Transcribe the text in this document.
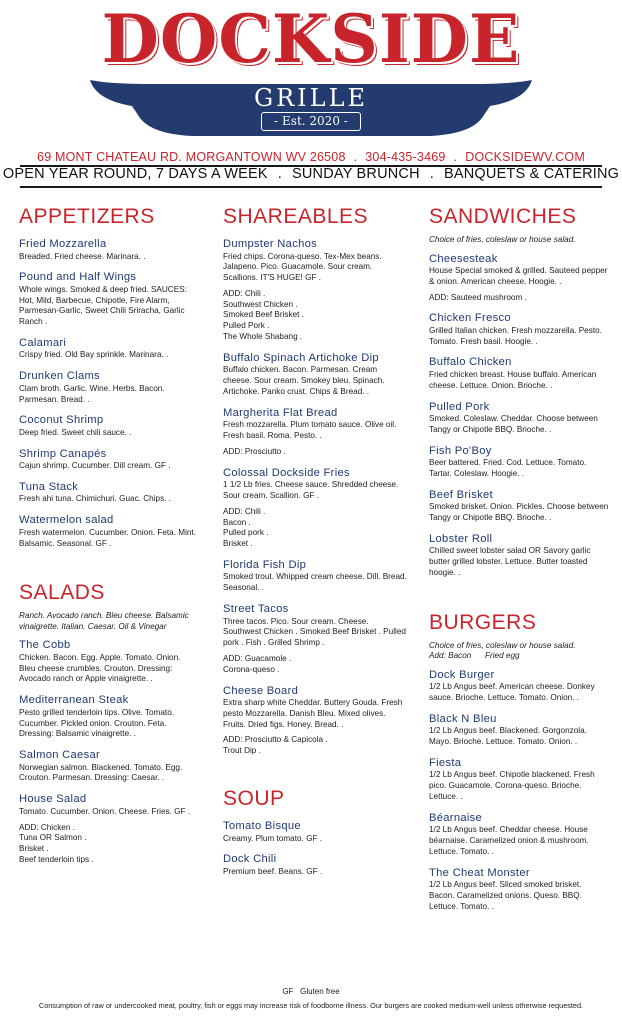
DOCKSIDE
GRILLE
- Est. 2020 -
69 MONT CHATEAU RD. MORGANTOWN WV 26508 . 304-435-3469 . DOCKSIDEWV.COM
OPEN YEAR ROUND, 7 DAYS A WEEK . SUNDAY BRUNCH . BANQUETS & CATERING
APPETIZERS
Fried Mozzarella
Breaded. Fried cheese. Marinara. .
Pound and Half Wings
Whole wings. Smoked & deep fried. SAUCES: Hot, Mild, Barbecue, Chipotle, Fire Alarm, Parmesan-Garlic, Sweet Chili Sriracha, Garlic Ranch .
Calamari
Crispy fried. Old Bay sprinkle. Marinara. .
Drunken Clams
Clam broth. Garlic. Wine. Herbs. Bacon. Parmesan. Bread. .
Coconut Shrimp
Deep fried. Sweet chili sauce. .
Shrimp Canapés
Cajun shrimp. Cucumber. Dill cream. GF .
Tuna Stack
Fresh ahi tuna. Chimichuri. Guac. Chips. .
Watermelon salad
Fresh watermelon. Cucumber. Onion. Feta. Mint. Balsamic. Seasonal. GF .
SALADS
Ranch. Avocado ranch. Bleu cheese. Balsamic vinaigrette. Italian. Caesar. Oil & Vinegar
The Cobb
Chicken. Bacon. Egg. Apple. Tomato. Onion. Bleu cheese crumbles. Crouton. Dressing: Avocado ranch or Apple vinaigrette. .
Mediterranean Steak
Pesto grilled tenderloin tips. Olive. Tomato. Cucumber. Pickled onion. Crouton. Feta. Dressing: Balsamic vinaigrette. .
Salmon Caesar
Norwegian salmon. Blackened. Tomato. Egg. Crouton. Parmesan. Dressing: Caesar. .
House Salad
Tomato. Cucumber. Onion. Cheese. Fries. GF .
ADD: Chicken .
Tuna OR Salmon .
Brisket .
Beef tenderloin tips .
SHAREABLES
Dumpster Nachos
Fried chips. Corona-queso. Tex-Mex beans. Jalapeno. Pico. Guacamole. Sour cream. Scallions. IT'S HUGE! GF .
ADD: Chili .
Southwest Chicken .
Smoked Beef Brisket .
Pulled Pork .
The Whole Shabang .
Buffalo Spinach Artichoke Dip
Buffalo chicken. Bacon. Parmesan. Cream cheese. Sour cream. Smokey bleu. Spinach. Artichoke. Panko crust. Chips & Bread. .
Margherita Flat Bread
Fresh mozzarella. Plum tomato sauce. Olive oil. Fresh basil. Roma. Pesto. .
ADD: Prosciutto .
Colossal Dockside Fries
1 1/2 Lb fries. Cheese sauce. Shredded cheese. Sour cream. Scallion. GF .
ADD: Chili .
Bacon .
Pulled pork .
Brisket .
Florida Fish Dip
Smoked trout. Whipped cream cheese. Dill. Bread. Seasonal. .
Street Tacos
Three tacos. Pico. Sour cream. Cheese. Southwest Chicken . Smoked Beef Brisket . Pulled pork . Fish . Grilled Shrimp .
ADD: Guacamole .
Corona-queso .
Cheese Board
Extra sharp white Cheddar. Buttery Gouda. Fresh pesto Mozzarella. Danish Bleu. Mixed olives. Fruits. Dried figs. Honey. Bread. .
ADD: Prosciutto & Capicola .
Trout Dip .
SOUP
Tomato Bisque
Creamy. Plum tomato. GF .
Dock Chili
Premium beef. Beans. GF .
SANDWICHES
Choice of fries, coleslaw or house salad.
Cheesesteak
House Special smoked & grilled. Sauteed pepper & onion. American cheese. Hoogie. .
ADD: Sauteed mushroom .
Chicken Fresco
Grilled Italian chicken. Fresh mozzarella. Pesto. Tomato. Fresh basil. Hoogie. .
Buffalo Chicken
Fried chicken breast. House buffalo. American cheese. Lettuce. Onion. Brioche. .
Pulled Pork
Smoked. Coleslaw. Cheddar. Choose between Tangy or Chipotle BBQ. Brioche. .
Fish Po'Boy
Beer battered. Fried. Cod. Lettuce. Tomato. Tartar. Coleslaw. Hoogie. .
Beef Brisket
Smoked brisket. Onion. Pickles. Choose between Tangy or Chipotle BBQ. Brioche. .
Lobster Roll
Chilled sweet lobster salad OR Savory garlic butter grilled lobster. Lettuce. Butter toasted hoogie. .
BURGERS
Choice of fries, coleslaw or house salad.
Add: Bacon      Fried egg
Dock Burger
1/2 Lb Angus beef. American cheese. Donkey sauce. Brioche. Lettuce. Tomato. Onion. .
Black N Bleu
1/2 Lb Angus beef. Blackened. Gorgonzola. Mayo. Brioche. Lettuce. Tomato. Onion. .
Fiesta
1/2 Lb Angus beef. Chipotle blackened. Fresh pico. Guacamole. Corona-queso. Brioche. Lettuce. .
Béarnaise
1/2 Lb Angus beef. Cheddar cheese. House béarnaise. Caramelized onion & mushroom. Lettuce. Tomato. .
The Cheat Monster
1/2 Lb Angus beef. Sliced smoked brisket. Bacon. Caramelized onions. Queso. BBQ. Lettuce. Tomato. .
GF   Gluten free
Consumption of raw or undercooked meat, poultry, fish or eggs may increase risk of foodborne illness. Our burgers are cooked medium-well unless otherwise requested.
